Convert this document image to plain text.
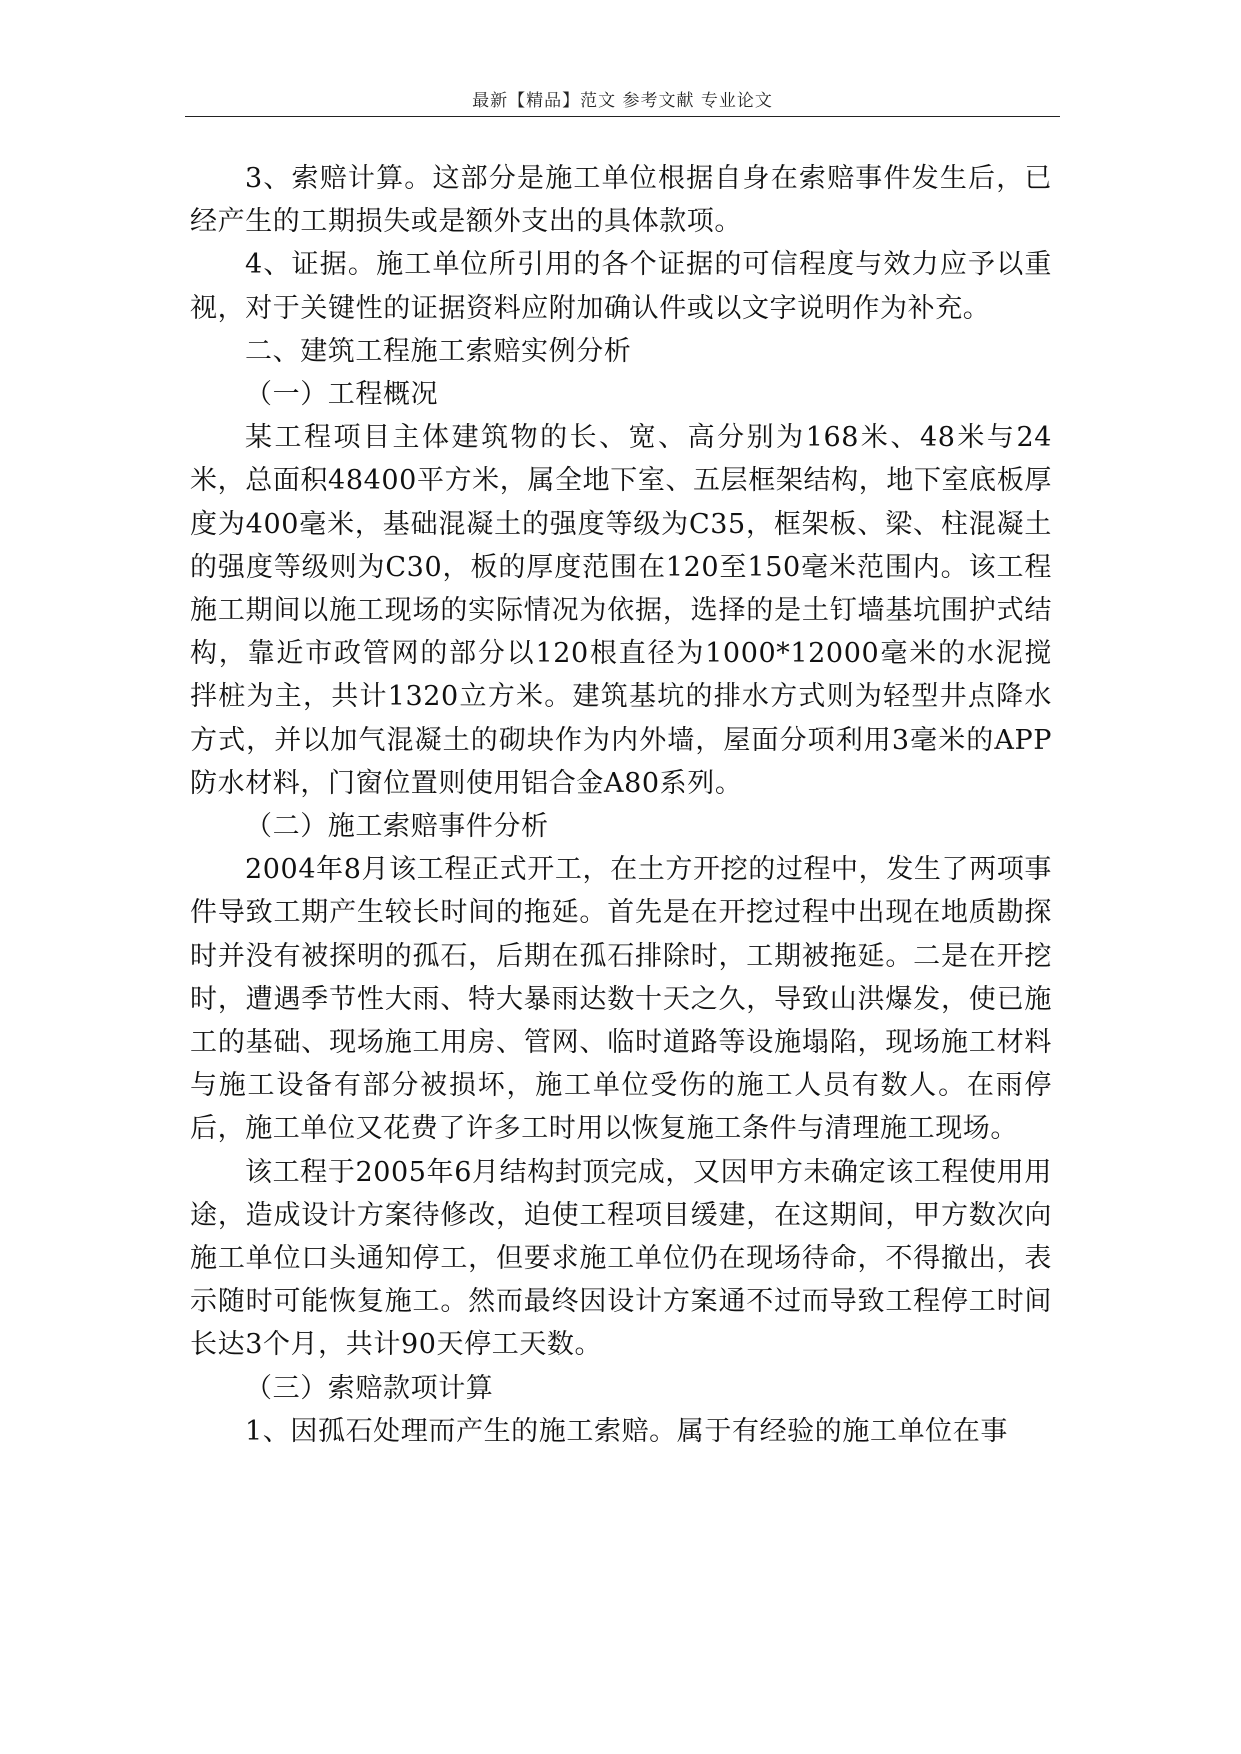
最新【精品】范文 参考文献 专业论文

3、索赔计算。这部分是施工单位根据自身在索赔事件发生后，已经产生的工期损失或是额外支出的具体款项。

4、证据。施工单位所引用的各个证据的可信程度与效力应予以重视，对于关键性的证据资料应附加确认件或以文字说明作为补充。

二、建筑工程施工索赔实例分析

（一）工程概况

某工程项目主体建筑物的长、宽、高分别为168米、48米与24米，总面积48400平方米，属全地下室、五层框架结构，地下室底板厚度为400毫米，基础混凝土的强度等级为C35，框架板、梁、柱混凝土的强度等级则为C30，板的厚度范围在120至150毫米范围内。该工程施工期间以施工现场的实际情况为依据，选择的是土钉墙基坑围护式结构，靠近市政管网的部分以120根直径为1000*12000毫米的水泥搅拌桩为主，共计1320立方米。建筑基坑的排水方式则为轻型井点降水方式，并以加气混凝土的砌块作为内外墙，屋面分项利用3毫米的APP防水材料，门窗位置则使用铝合金A80系列。

（二）施工索赔事件分析

2004年8月该工程正式开工，在土方开挖的过程中，发生了两项事件导致工期产生较长时间的拖延。首先是在开挖过程中出现在地质勘探时并没有被探明的孤石，后期在孤石排除时，工期被拖延。二是在开挖时，遭遇季节性大雨、特大暴雨达数十天之久，导致山洪爆发，使已施工的基础、现场施工用房、管网、临时道路等设施塌陷，现场施工材料与施工设备有部分被损坏，施工单位受伤的施工人员有数人。在雨停后，施工单位又花费了许多工时用以恢复施工条件与清理施工现场。

该工程于2005年6月结构封顶完成，又因甲方未确定该工程使用用途，造成设计方案待修改，迫使工程项目缓建，在这期间，甲方数次向施工单位口头通知停工，但要求施工单位仍在现场待命，不得撤出，表示随时可能恢复施工。然而最终因设计方案通不过而导致工程停工时间长达3个月，共计90天停工天数。

（三）索赔款项计算

1、因孤石处理而产生的施工索赔。属于有经验的施工单位在事
